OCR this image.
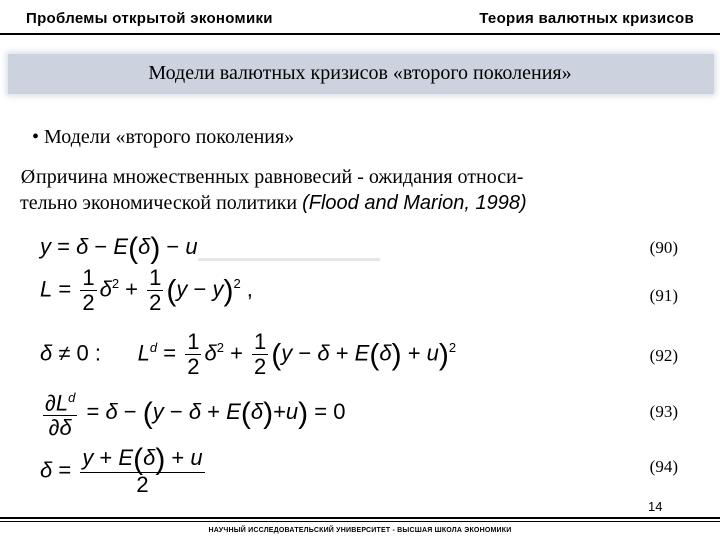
Проблемы открытой экономики	Теория валютных кризисов
Модели валютных кризисов «второго поколения»
• Модели «второго поколения»
Øпричина множественных равновесий - ожидания относи-
тельно экономической политики (Flood and Marion, 1998)
y = δ − E(δ) − u	(90)
$L = \frac{1}{2} \delta^2 + \frac{1}{2} (y - y)^2$ ,	(91)
δ ≠ 0 :      $L^d = \frac{1}{2} \delta^2 + \frac{1}{2} (y - \delta + E(\delta) + u)^2$	(92)
$\frac{\partial L^d}{\partial\delta} = \delta - (y - \delta + E(\delta)+u) = 0$	(93)
$\delta = \frac{y + E(\delta) + u}{2}$	(94)
14
НАУЧНЫЙ ИССЛЕДОВАТЕЛЬСКИЙ УНИВЕРСИТЕТ - ВЫСШАЯ ШКОЛА ЭКОНОМИКИ
